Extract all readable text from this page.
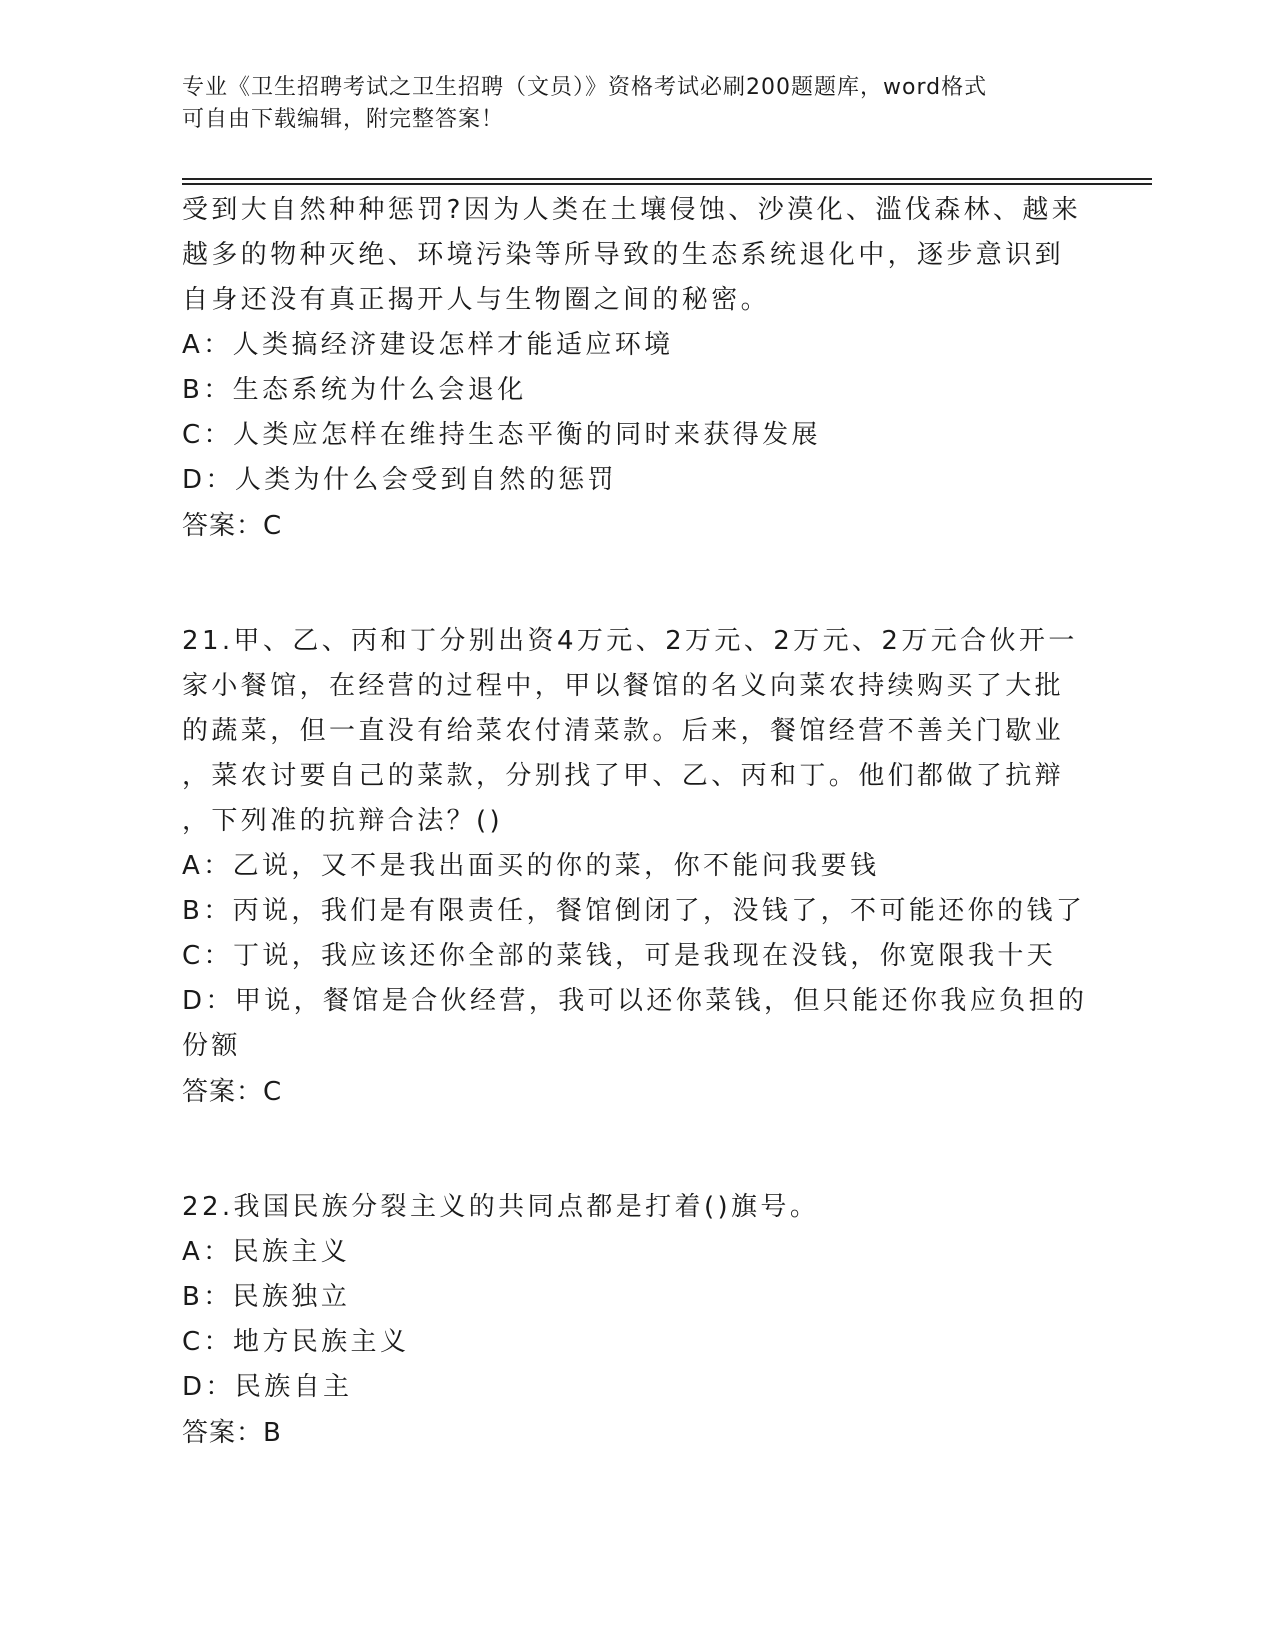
专业《卫生招聘考试之卫生招聘（文员）》资格考试必刷200题题库，word格式
可自由下载编辑，附完整答案！
受到大自然种种惩罚?因为人类在土壤侵蚀、沙漠化、滥伐森林、越来
越多的物种灭绝、环境污染等所导致的生态系统退化中，逐步意识到
自身还没有真正揭开人与生物圈之间的秘密。
A：人类搞经济建设怎样才能适应环境
B：生态系统为什么会退化
C：人类应怎样在维持生态平衡的同时来获得发展
D：人类为什么会受到自然的惩罚
答案：C
21.甲、乙、丙和丁分别出资4万元、2万元、2万元、2万元合伙开一
家小餐馆，在经营的过程中，甲以餐馆的名义向菜农持续购买了大批
的蔬菜，但一直没有给菜农付清菜款。后来，餐馆经营不善关门歇业
，菜农讨要自己的菜款，分别找了甲、乙、丙和丁。他们都做了抗辩
，下列准的抗辩合法？()
A：乙说，又不是我出面买的你的菜，你不能问我要钱
B：丙说，我们是有限责任，餐馆倒闭了，没钱了，不可能还你的钱了
C：丁说，我应该还你全部的菜钱，可是我现在没钱，你宽限我十天
D：甲说，餐馆是合伙经营，我可以还你菜钱，但只能还你我应负担的
份额
答案：C
22.我国民族分裂主义的共同点都是打着()旗号。
A：民族主义
B：民族独立
C：地方民族主义
D：民族自主
答案：B
